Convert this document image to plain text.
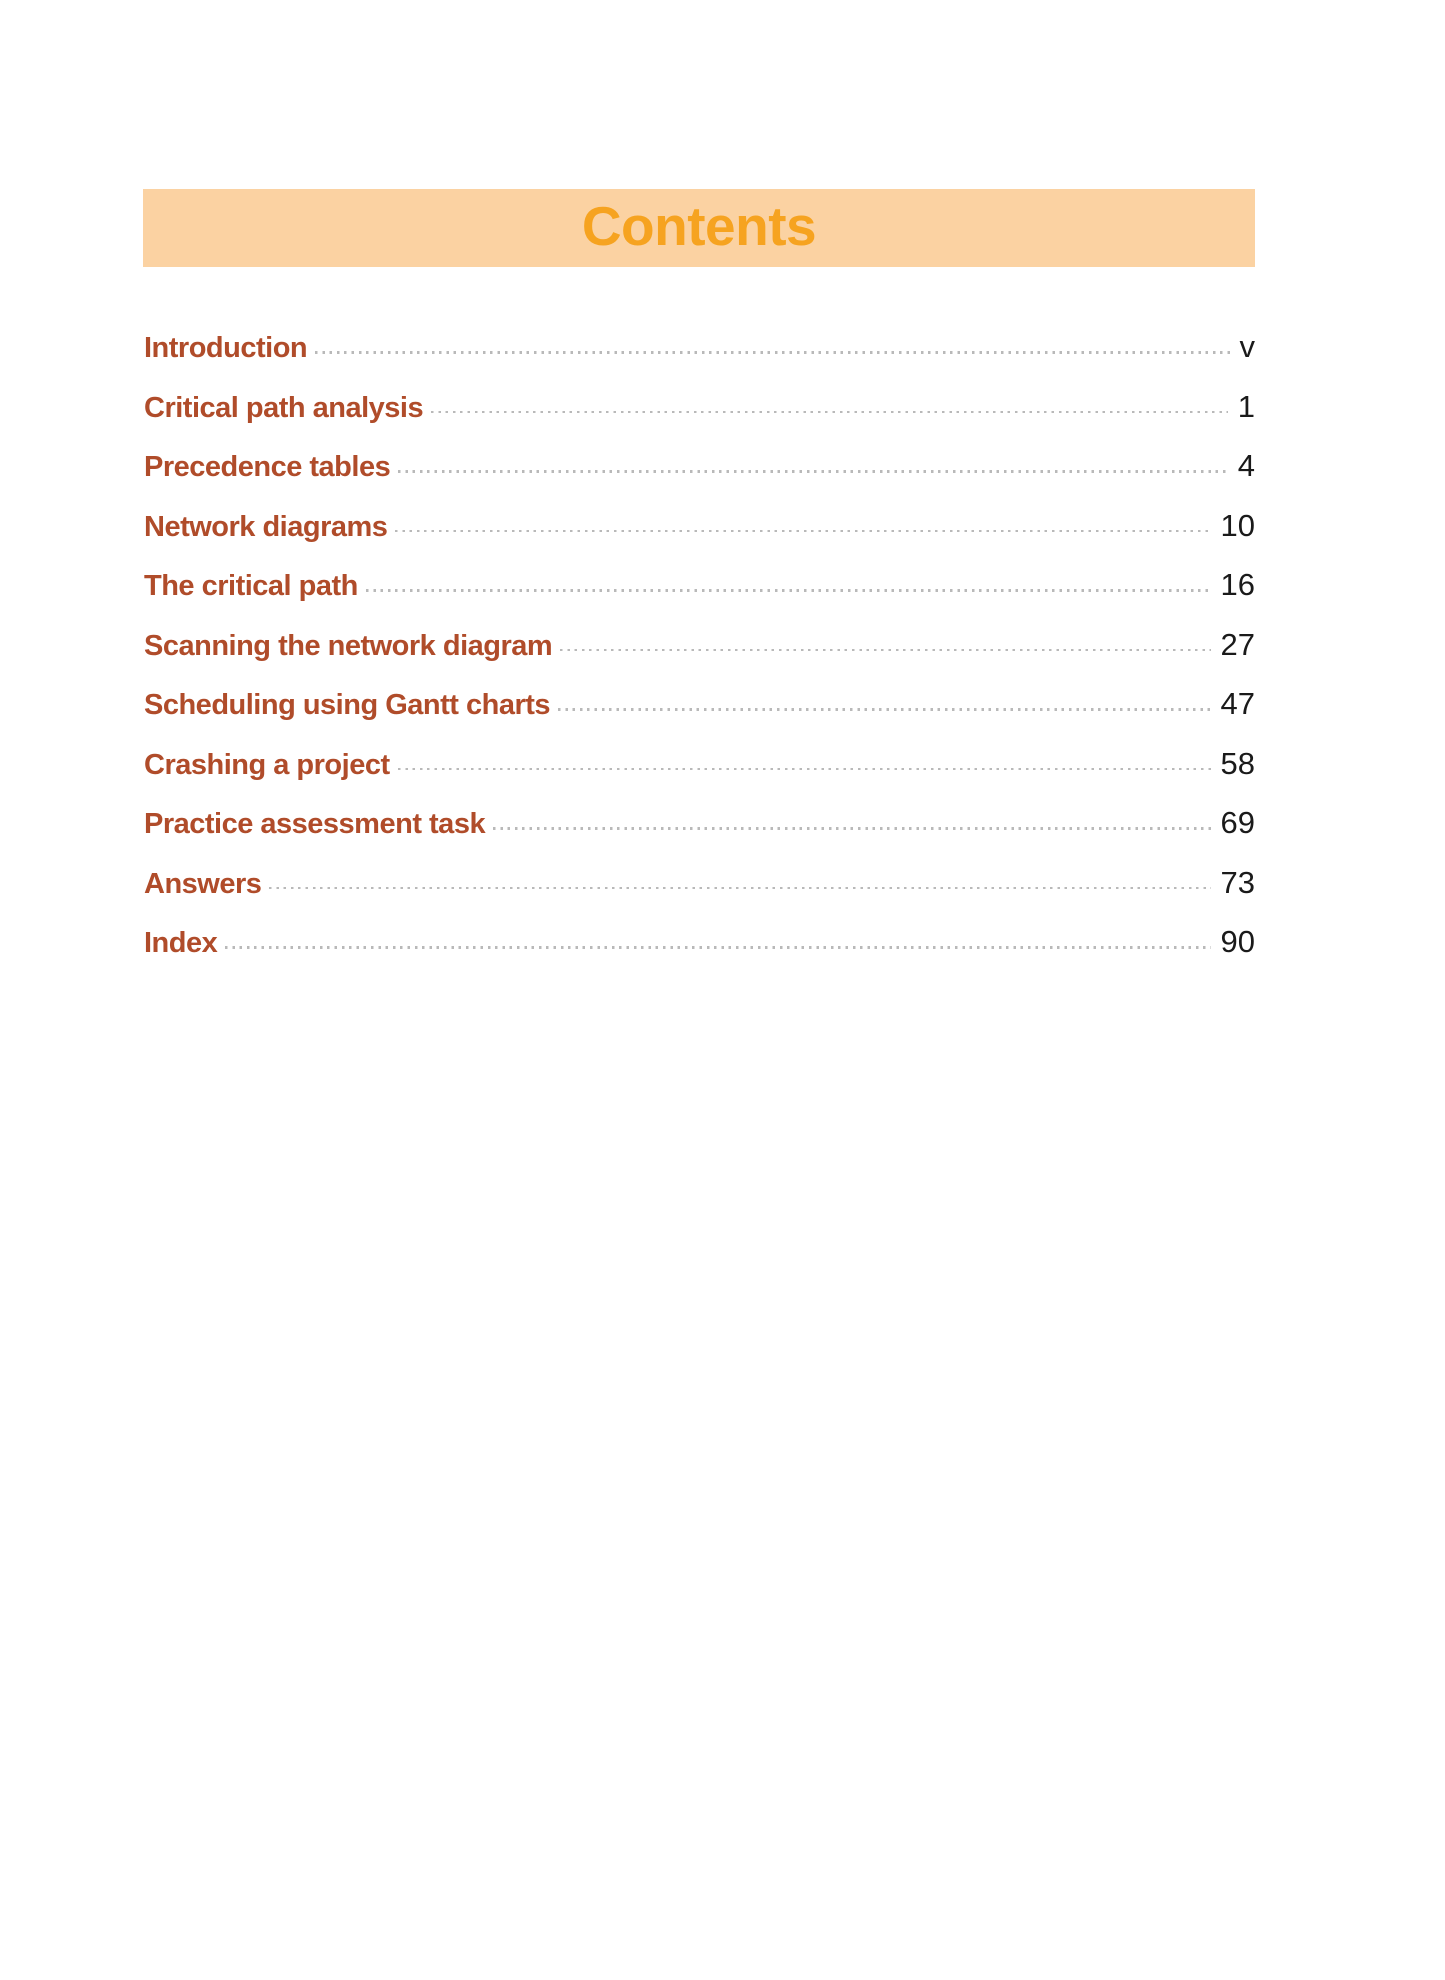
Contents
Introduction	v
Critical path analysis	1
Precedence tables	4
Network diagrams	10
The critical path	16
Scanning the network diagram	27
Scheduling using Gantt charts	47
Crashing a project	58
Practice assessment task	69
Answers	73
Index	90
